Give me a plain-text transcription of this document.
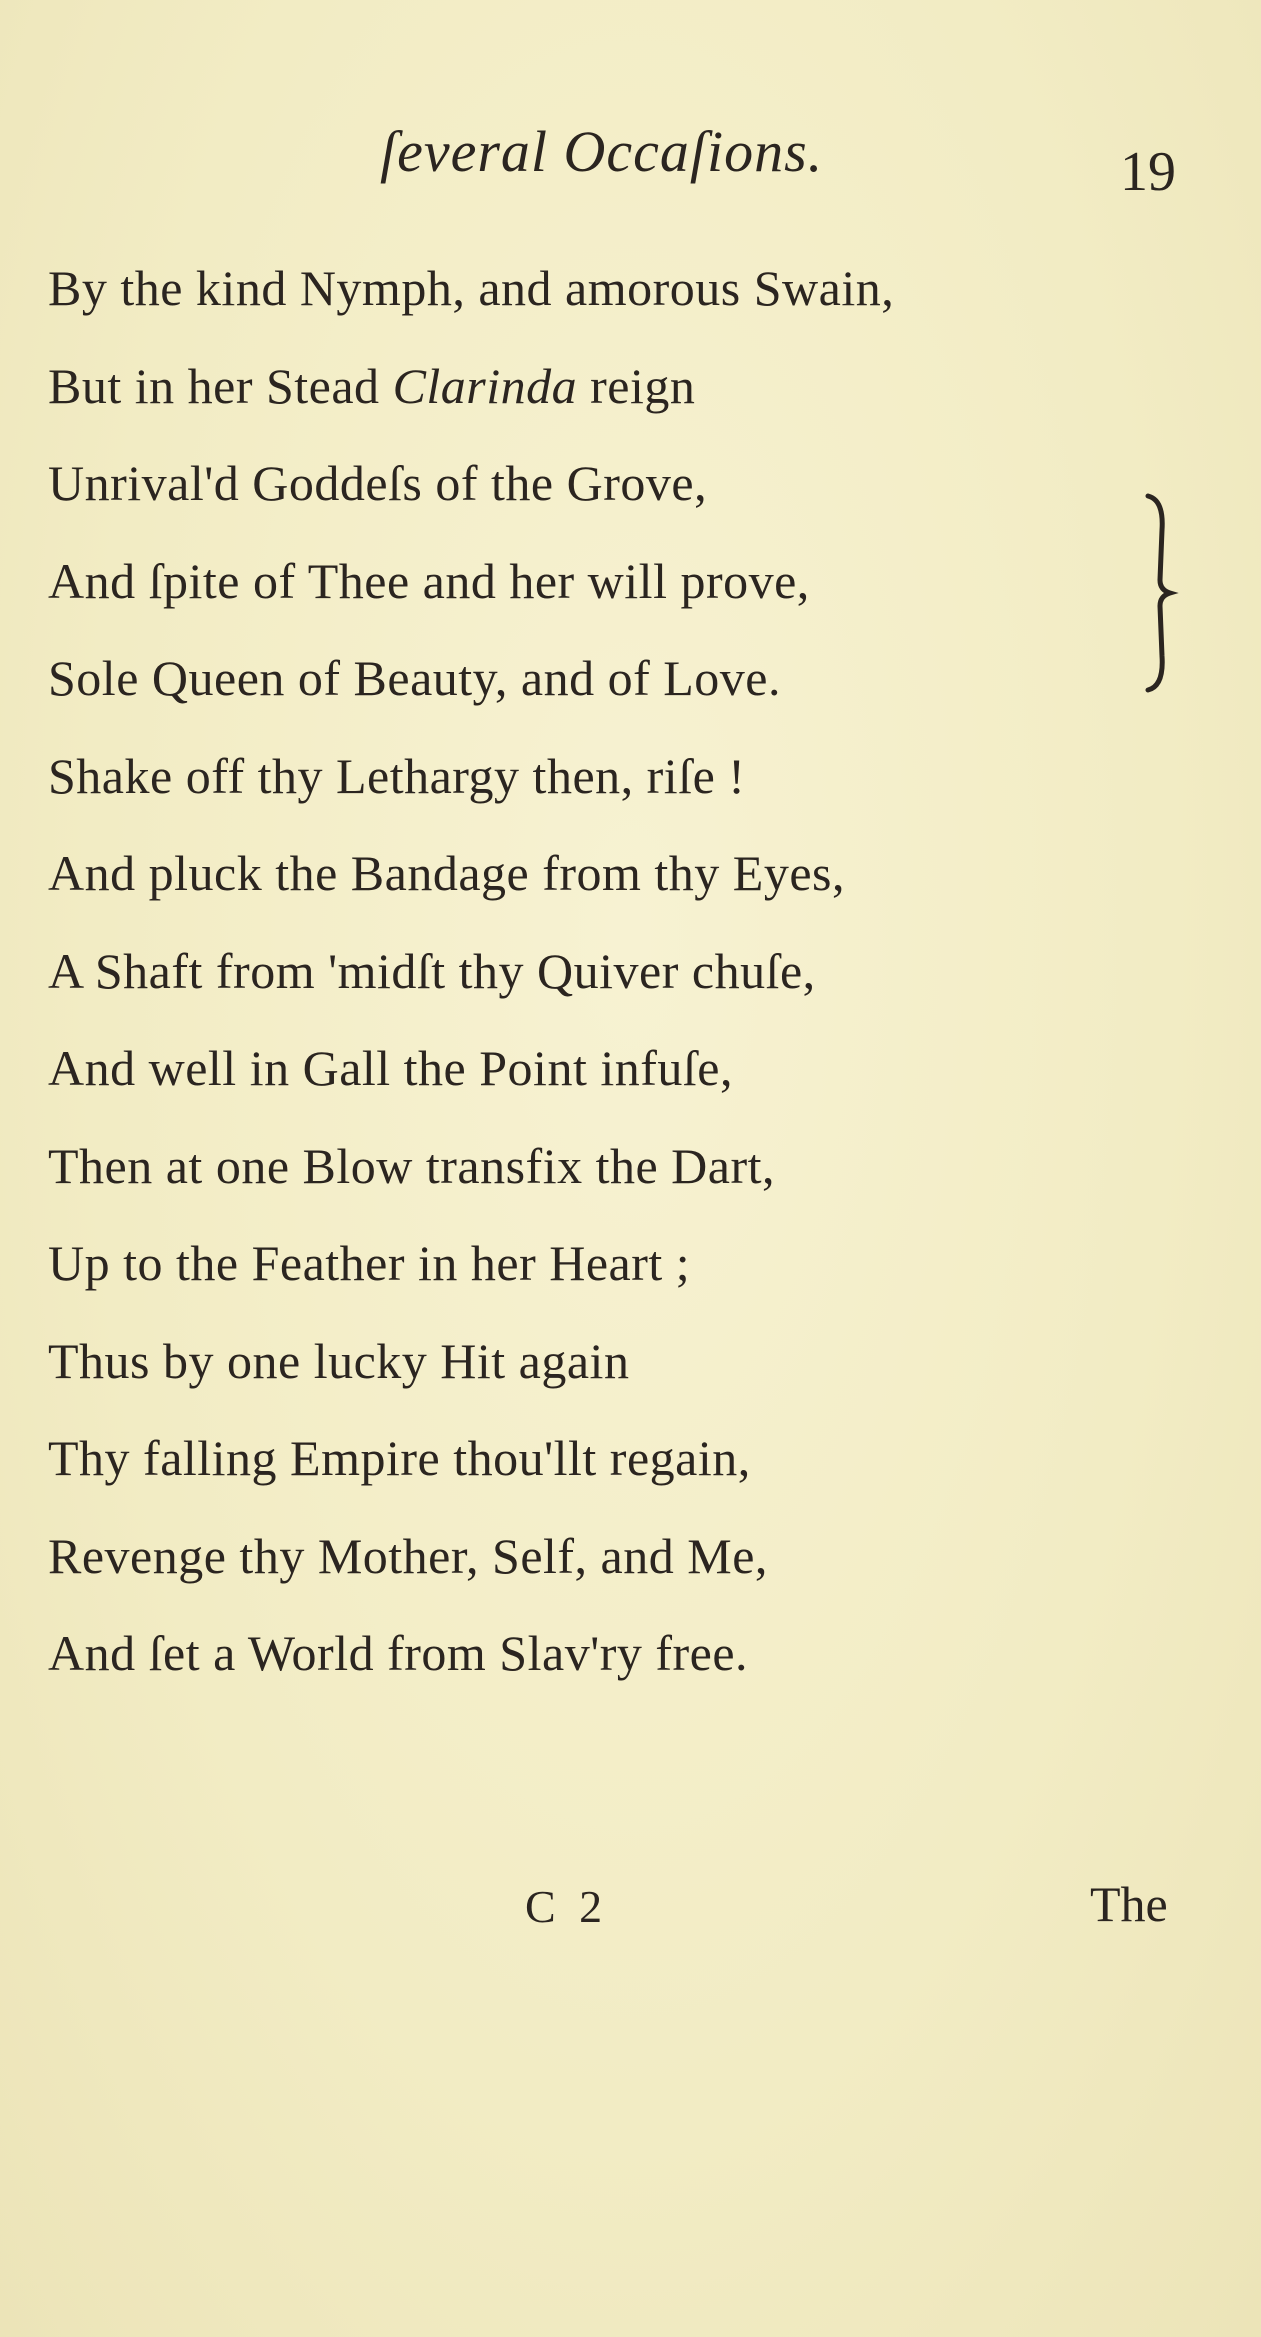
ſeveral Occaſions.	19
By the kind Nymph, and amorous Swain,
But in her Stead Clarinda reign
Unrival'd Goddeſs of the Grove,
And ſpite of Thee and her will prove,
Sole Queen of Beauty, and of Love.
Shake off thy Lethargy then, riſe !
And pluck the Bandage from thy Eyes,
A Shaft from 'midſt thy Quiver chuſe,
And well in Gall the Point infuſe,
Then at one Blow transfix the Dart,
Up to the Feather in her Heart ;
Thus by one lucky Hit again
Thy falling Empire thou'llt regain,
Revenge thy Mother, Self, and Me,
And ſet a World from Slav'ry free.
C 2	The
